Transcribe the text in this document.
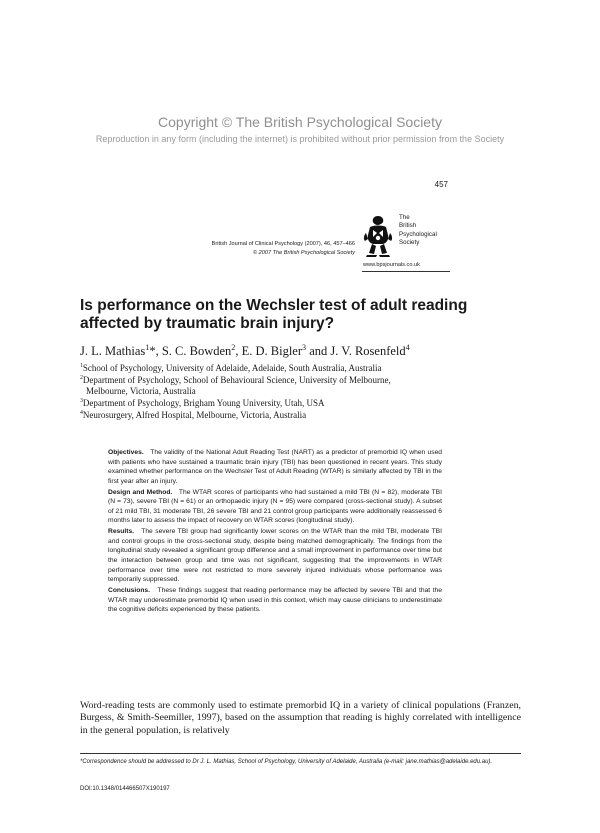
Copyright © The British Psychological Society
Reproduction in any form (including the internet) is prohibited without prior permission from the Society
457
British Journal of Clinical Psychology (2007), 46, 457–466
© 2007 The British Psychological Society
The
British
Psychological
Society
www.bpsjournals.co.uk
Is performance on the Wechsler test of adult reading affected by traumatic brain injury?
J. L. Mathias$^1$*, S. C. Bowden$^2$, E. D. Bigler$^3$ and J. V. Rosenfeld$^4$
$^1$School of Psychology, University of Adelaide, Adelaide, South Australia, Australia
$^2$Department of Psychology, School of Behavioural Science, University of Melbourne,
Melbourne, Victoria, Australia
$^3$Department of Psychology, Brigham Young University, Utah, USA
$^4$Neurosurgery, Alfred Hospital, Melbourne, Victoria, Australia

Objectives. The validity of the National Adult Reading Test (NART) as a predictor of premorbid IQ when used with patients who have sustained a traumatic brain injury (TBI) has been questioned in recent years. This study examined whether performance on the Wechsler Test of Adult Reading (WTAR) is similarly affected by TBI in the first year after an injury.

Design and Method. The WTAR scores of participants who had sustained a mild TBI (N = 82), moderate TBI (N = 73), severe TBI (N = 61) or an orthopaedic injury (N = 95) were compared (cross-sectional study). A subset of 21 mild TBI, 31 moderate TBI, 26 severe TBI and 21 control group participants were additionally reassessed 6 months later to assess the impact of recovery on WTAR scores (longitudinal study).

Results. The severe TBI group had significantly lower scores on the WTAR than the mild TBI, moderate TBI and control groups in the cross-sectional study, despite being matched demographically. The findings from the longitudinal study revealed a significant group difference and a small improvement in performance over time but the interaction between group and time was not significant, suggesting that the improvements in WTAR performance over time were not restricted to more severely injured individuals whose performance was temporarily suppressed.

Conclusions. These findings suggest that reading performance may be affected by severe TBI and that the WTAR may underestimate premorbid IQ when used in this context, which may cause clinicians to underestimate the cognitive deficits experienced by these patients.

Word-reading tests are commonly used to estimate premorbid IQ in a variety of clinical populations (Franzen, Burgess, & Smith-Seemiller, 1997), based on the assumption that reading is highly correlated with intelligence in the general population, is relatively
*Correspondence should be addressed to Dr J. L. Mathias, School of Psychology, University of Adelaide, Australia (e-mail: jane.mathias@adelaide.edu.au).
DOI:10.1348/014466507X190197
